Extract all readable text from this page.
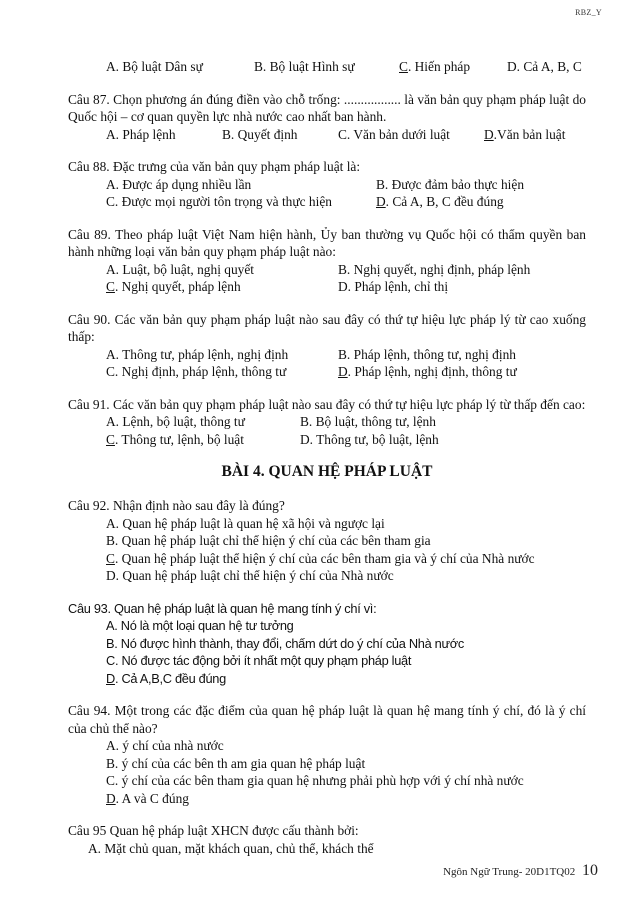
RBZ_Y
A. Bộ luật Dân sự	B. Bộ luật Hình sự	C. Hiến pháp	D. Cả A, B, C

Câu 87. Chọn phương án đúng điền vào chỗ trống: ................. là văn bản quy phạm pháp luật do Quốc hội – cơ quan quyền lực nhà nước cao nhất ban hành.

A. Pháp lệnh	B. Quyết định	C. Văn bản dưới luật	D.Văn bản luật

Câu 88. Đặc trưng của văn bản quy phạm pháp luật là:

A. Được áp dụng nhiều lần	B. Được đảm bảo thực hiện
C. Được mọi người tôn trọng và thực hiện	D. Cả A, B, C đều đúng

Câu 89. Theo pháp luật Việt Nam hiện hành, Ủy ban thường vụ Quốc hội có thẩm quyền ban hành những loại văn bản quy phạm pháp luật nào:

A. Luật, bộ luật, nghị quyết	B. Nghị quyết, nghị định, pháp lệnh
C. Nghị quyết, pháp lệnh	D. Pháp lệnh, chỉ thị

Câu 90. Các văn bản quy phạm pháp luật nào sau đây có thứ tự hiệu lực pháp lý từ cao xuống thấp:

A. Thông tư, pháp lệnh, nghị định	B. Pháp lệnh, thông tư, nghị định
C. Nghị định, pháp lệnh, thông tư	D. Pháp lệnh, nghị định, thông tư

Câu 91. Các văn bản quy phạm pháp luật nào sau đây có thứ tự hiệu lực pháp lý từ thấp đến cao:

A. Lệnh, bộ luật, thông tư	B. Bộ luật, thông tư, lệnh
C. Thông tư, lệnh, bộ luật	D. Thông tư, bộ luật, lệnh
BÀI 4. QUAN HỆ PHÁP LUẬT

Câu 92. Nhận định nào sau đây là đúng?

A. Quan hệ pháp luật là quan hệ xã hội và ngược lại
B. Quan hệ pháp luật chỉ thể hiện ý chí của các bên tham gia
C. Quan hệ pháp luật thể hiện ý chí của các bên tham gia và ý chí của Nhà nước
D. Quan hệ pháp luật chỉ thể hiện ý chí của Nhà nước

Câu 93. Quan hệ pháp luật là quan hệ mang tính ý chí vì:

A. Nó là một loại quan hệ tư tưởng
B. Nó được hình thành, thay đổi, chấm dứt do ý chí của Nhà nước
C. Nó được tác động bởi ít nhất một quy phạm pháp luật
D. Cả A,B,C đều đúng

Câu 94. Một trong các đặc điểm của quan hệ pháp luật là quan hệ mang tính ý chí, đó là ý chí của chủ thể nào?

A. ý chí của nhà nước
B. ý chí của các bên th am gia quan hệ pháp luật
C. ý chí của các bên tham gia quan hệ nhưng phải phù hợp với ý chí nhà nước
D. A và C đúng

Câu 95 Quan hệ pháp luật XHCN được cấu thành bởi:

A. Mặt chủ quan, mặt khách quan, chủ thể, khách thể
Ngôn Ngữ Trung- 20D1TQ02 10
